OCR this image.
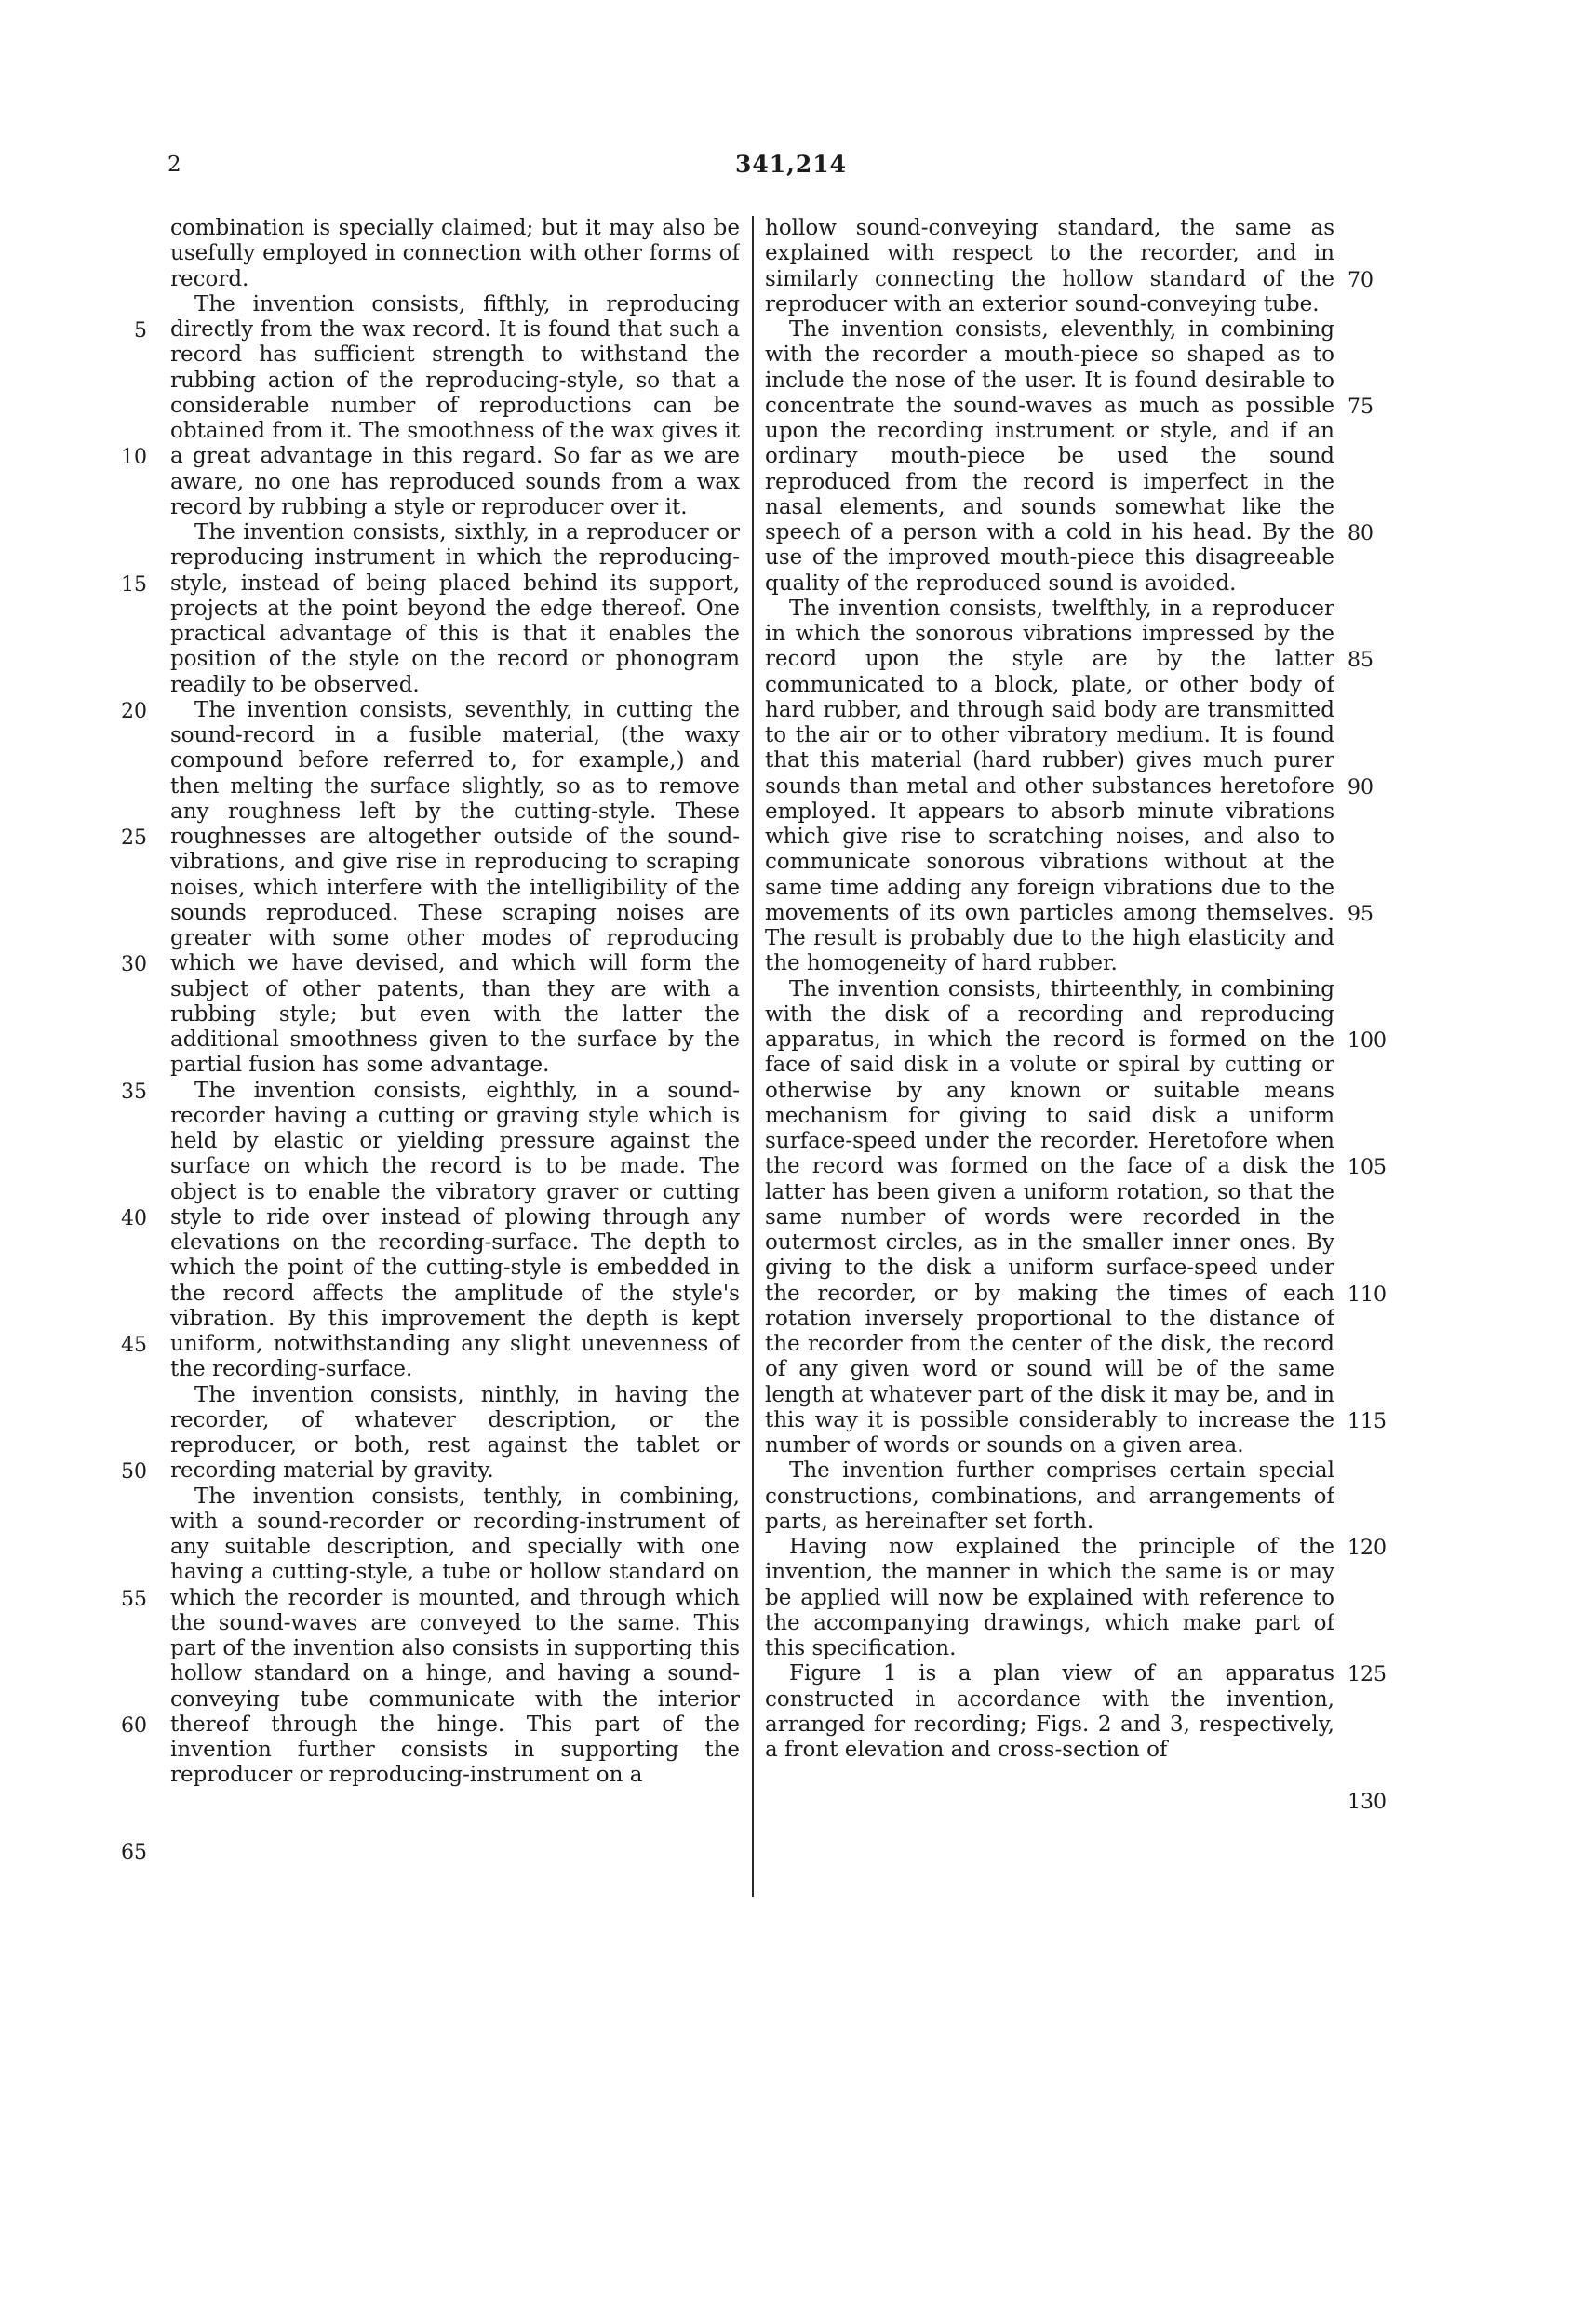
2	341,214

combination is specially claimed; but it may also be usefully employed in connection with other forms of record.

The invention consists, fifthly, in reproducing directly from the wax record. It is found that such a record has sufficient strength to withstand the rubbing action of the reproducing-style, so that a considerable number of reproductions can be obtained from it. The smoothness of the wax gives it a great advantage in this regard. So far as we are aware, no one has reproduced sounds from a wax record by rubbing a style or reproducer over it.

The invention consists, sixthly, in a reproducer or reproducing instrument in which the reproducing-style, instead of being placed behind its support, projects at the point beyond the edge thereof. One practical advantage of this is that it enables the position of the style on the record or phonogram readily to be observed.

The invention consists, seventhly, in cutting the sound-record in a fusible material, (the waxy compound before referred to, for example,) and then melting the surface slightly, so as to remove any roughness left by the cutting-style. These roughnesses are altogether outside of the sound-vibrations, and give rise in reproducing to scraping noises, which interfere with the intelligibility of the sounds reproduced. These scraping noises are greater with some other modes of reproducing which we have devised, and which will form the subject of other patents, than they are with a rubbing style; but even with the latter the additional smoothness given to the surface by the partial fusion has some advantage.

The invention consists, eighthly, in a sound-recorder having a cutting or graving style which is held by elastic or yielding pressure against the surface on which the record is to be made. The object is to enable the vibratory graver or cutting style to ride over instead of plowing through any elevations on the recording-surface. The depth to which the point of the cutting-style is embedded in the record affects the amplitude of the style's vibration. By this improvement the depth is kept uniform, notwithstanding any slight unevenness of the recording-surface.

The invention consists, ninthly, in having the recorder, of whatever description, or the reproducer, or both, rest against the tablet or recording material by gravity.

The invention consists, tenthly, in combining, with a sound-recorder or recording-instrument of any suitable description, and specially with one having a cutting-style, a tube or hollow standard on which the recorder is mounted, and through which the sound-waves are conveyed to the same. This part of the invention also consists in supporting this hollow standard on a hinge, and having a sound-conveying tube communicate with the interior thereof through the hinge. This part of the invention further consists in supporting the reproducer or reproducing-instrument on a

hollow sound-conveying standard, the same as explained with respect to the recorder, and in similarly connecting the hollow standard of the reproducer with an exterior sound-conveying tube.

The invention consists, eleventhly, in combining with the recorder a mouth-piece so shaped as to include the nose of the user. It is found desirable to concentrate the sound-waves as much as possible upon the recording instrument or style, and if an ordinary mouth-piece be used the sound reproduced from the record is imperfect in the nasal elements, and sounds somewhat like the speech of a person with a cold in his head. By the use of the improved mouth-piece this disagreeable quality of the reproduced sound is avoided.

The invention consists, twelfthly, in a reproducer in which the sonorous vibrations impressed by the record upon the style are by the latter communicated to a block, plate, or other body of hard rubber, and through said body are transmitted to the air or to other vibratory medium. It is found that this material (hard rubber) gives much purer sounds than metal and other substances heretofore employed. It appears to absorb minute vibrations which give rise to scratching noises, and also to communicate sonorous vibrations without at the same time adding any foreign vibrations due to the movements of its own particles among themselves. The result is probably due to the high elasticity and the homogeneity of hard rubber.

The invention consists, thirteenthly, in combining with the disk of a recording and reproducing apparatus, in which the record is formed on the face of said disk in a volute or spiral by cutting or otherwise by any known or suitable means mechanism for giving to said disk a uniform surface-speed under the recorder. Heretofore when the record was formed on the face of a disk the latter has been given a uniform rotation, so that the same number of words were recorded in the outermost circles, as in the smaller inner ones. By giving to the disk a uniform surface-speed under the recorder, or by making the times of each rotation inversely proportional to the distance of the recorder from the center of the disk, the record of any given word or sound will be of the same length at whatever part of the disk it may be, and in this way it is possible considerably to increase the number of words or sounds on a given area.

The invention further comprises certain special constructions, combinations, and arrangements of parts, as hereinafter set forth.

Having now explained the principle of the invention, the manner in which the same is or may be applied will now be explained with reference to the accompanying drawings, which make part of this specification.

Figure 1 is a plan view of an apparatus constructed in accordance with the invention, arranged for recording; Figs. 2 and 3, respectively, a front elevation and cross-section of

5
10
15
20
25
30
35
40
45
50
55
60
65
70
75
80
85
90
95
100
105
110
115
120
125
130
